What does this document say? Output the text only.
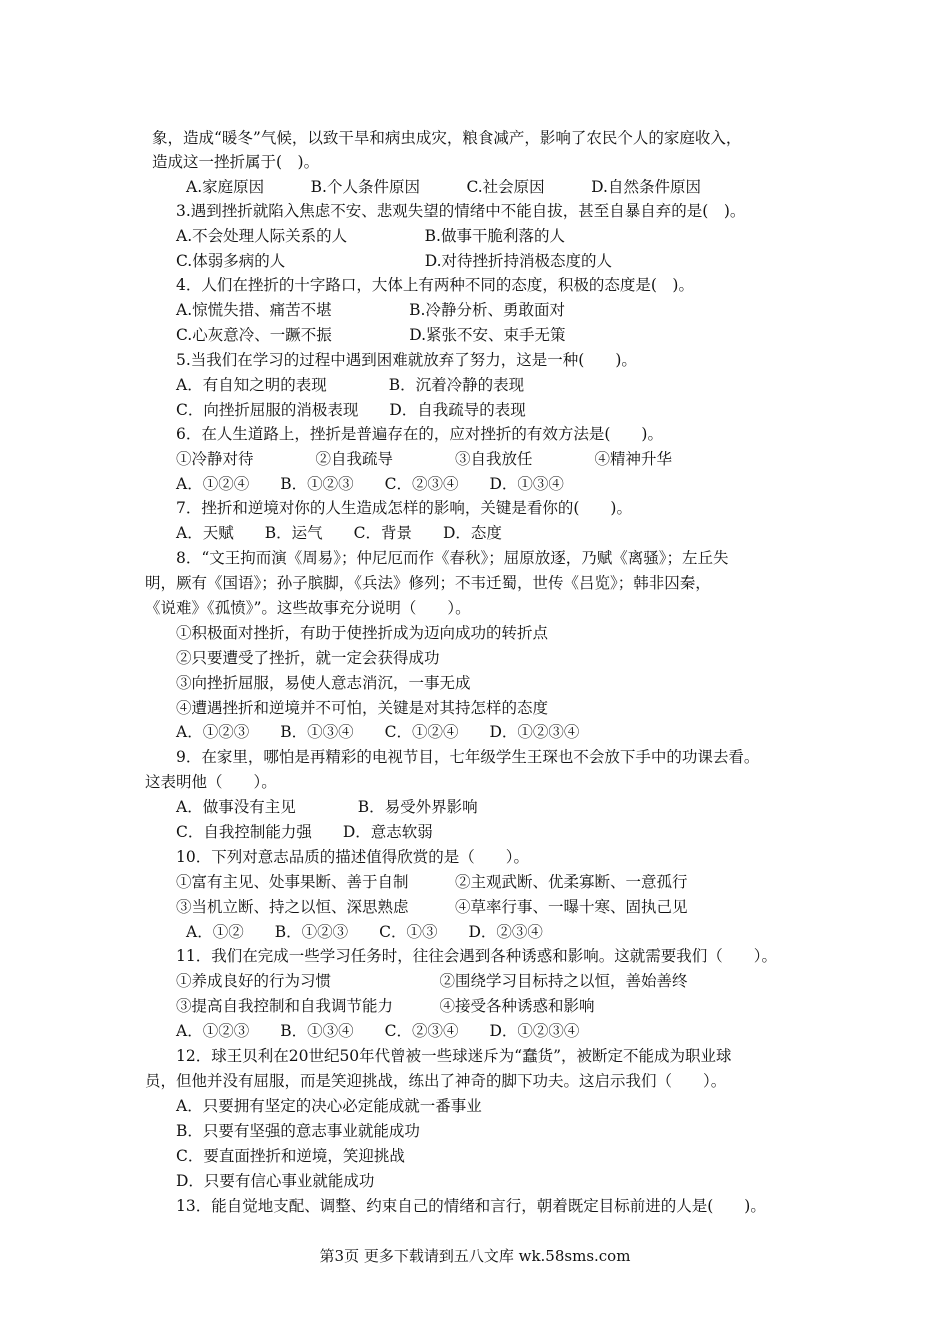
象，造成“暖冬”气候，以致干旱和病虫成灾，粮食减产，影响了农民个人的家庭收入，
造成这一挫折属于(　)。
A.家庭原因　　　B.个人条件原因　　　C.社会原因　　　D.自然条件原因
3.遇到挫折就陷入焦虑不安、悲观失望的情绪中不能自拔，甚至自暴自弃的是(　)。
A.不会处理人际关系的人　　　　　B.做事干脆利落的人
C.体弱多病的人　　　　　　　　　D.对待挫折持消极态度的人
4．人们在挫折的十字路口，大体上有两种不同的态度，积极的态度是(　)。
A.惊慌失措、痛苦不堪　　　　　B.冷静分析、勇敢面对
C.心灰意冷、一蹶不振　　　　　D.紧张不安、束手无策
5.当我们在学习的过程中遇到困难就放弃了努力，这是一种(　　)。
A．有自知之明的表现　　　　B．沉着冷静的表现
C．向挫折屈服的消极表现　　D．自我疏导的表现
6．在人生道路上，挫折是普遍存在的，应对挫折的有效方法是(　　)。
①冷静对待　　　　②自我疏导　　　　③自我放任　　　　④精神升华
A．①②④　　B．①②③　　C．②③④　　D．①③④
7．挫折和逆境对你的人生造成怎样的影响，关键是看你的(　　)。
A．天赋　　B．运气　　C．背景　　D．态度
8．“文王拘而演《周易》；仲尼厄而作《春秋》；屈原放逐，乃赋《离骚》；左丘失
明，厥有《国语》；孙子膑脚，《兵法》修列；不韦迁蜀，世传《吕览》；韩非囚秦，
《说难》《孤愤》”。这些故事充分说明（　　）。
①积极面对挫折，有助于使挫折成为迈向成功的转折点
②只要遭受了挫折，就一定会获得成功
③向挫折屈服，易使人意志消沉，一事无成
④遭遇挫折和逆境并不可怕，关键是对其持怎样的态度
A．①②③　　B．①③④　　C．①②④　　D．①②③④
9．在家里，哪怕是再精彩的电视节目，七年级学生王琛也不会放下手中的功课去看。
这表明他（　　）。
A．做事没有主见　　　　B．易受外界影响
C．自我控制能力强　　D．意志软弱
10．下列对意志品质的描述值得欣赏的是（　　）。
①富有主见、处事果断、善于自制　　　②主观武断、优柔寡断、一意孤行
③当机立断、持之以恒、深思熟虑　　　④草率行事、一曝十寒、固执己见
A．①②　　B．①②③　　C．①③　　D．②③④
11．我们在完成一些学习任务时，往往会遇到各种诱惑和影响。这就需要我们（　　）。
①养成良好的行为习惯　　　　　　　②围绕学习目标持之以恒，善始善终
③提高自我控制和自我调节能力　　　④接受各种诱惑和影响
A．①②③　　B．①③④　　C．②③④　　D．①②③④
12．球王贝利在20世纪50年代曾被一些球迷斥为“蠢货”，被断定不能成为职业球
员，但他并没有屈服，而是笑迎挑战，练出了神奇的脚下功夫。这启示我们（　　）。
A．只要拥有坚定的决心必定能成就一番事业
B．只要有坚强的意志事业就能成功
C．要直面挫折和逆境，笑迎挑战
D．只要有信心事业就能成功
13．能自觉地支配、调整、约束自己的情绪和言行，朝着既定目标前进的人是(　　)。
第3页 更多下载请到五八文库 wk.58sms.com
